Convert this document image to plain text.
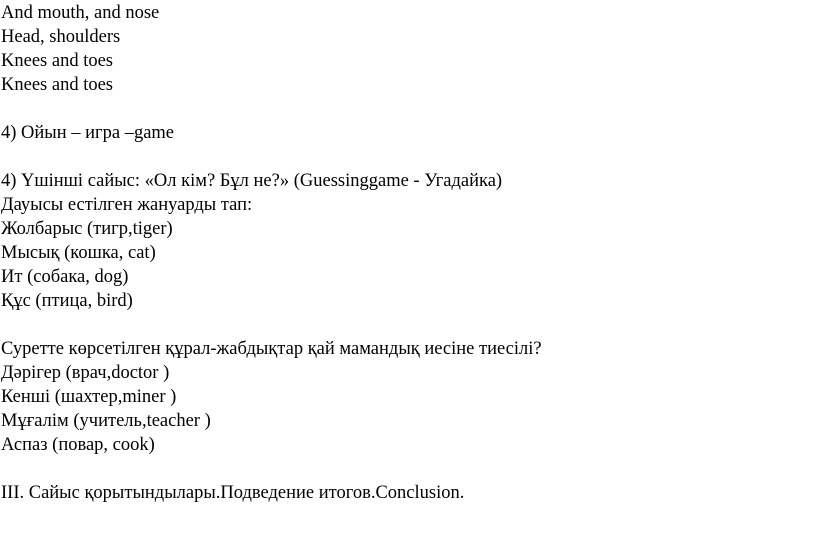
And mouth, and nose
Head, shoulders
Knees and toes
Knees and toes
4) Ойын – игра –game
4) Үшінші сайыс: «Ол кім? Бұл не?» (Guessinggame - Угадайка)
Дауысы естілген жануарды тап:
Жолбарыс (тигр,tiger)
Мысық (кошка, cat)
Ит (собака, dog)
Құс (птица, bird)
Суретте көрсетілген құрал-жабдықтар қай мамандық иесіне тиесілі?
Дәрігер (врач,doctor )
Кенші (шахтер,miner )
Мұғалім (учитель,teacher )
Аспаз (повар, cook)
III. Сайыс қорытындылары.Подведение итогов.Conclusion.
